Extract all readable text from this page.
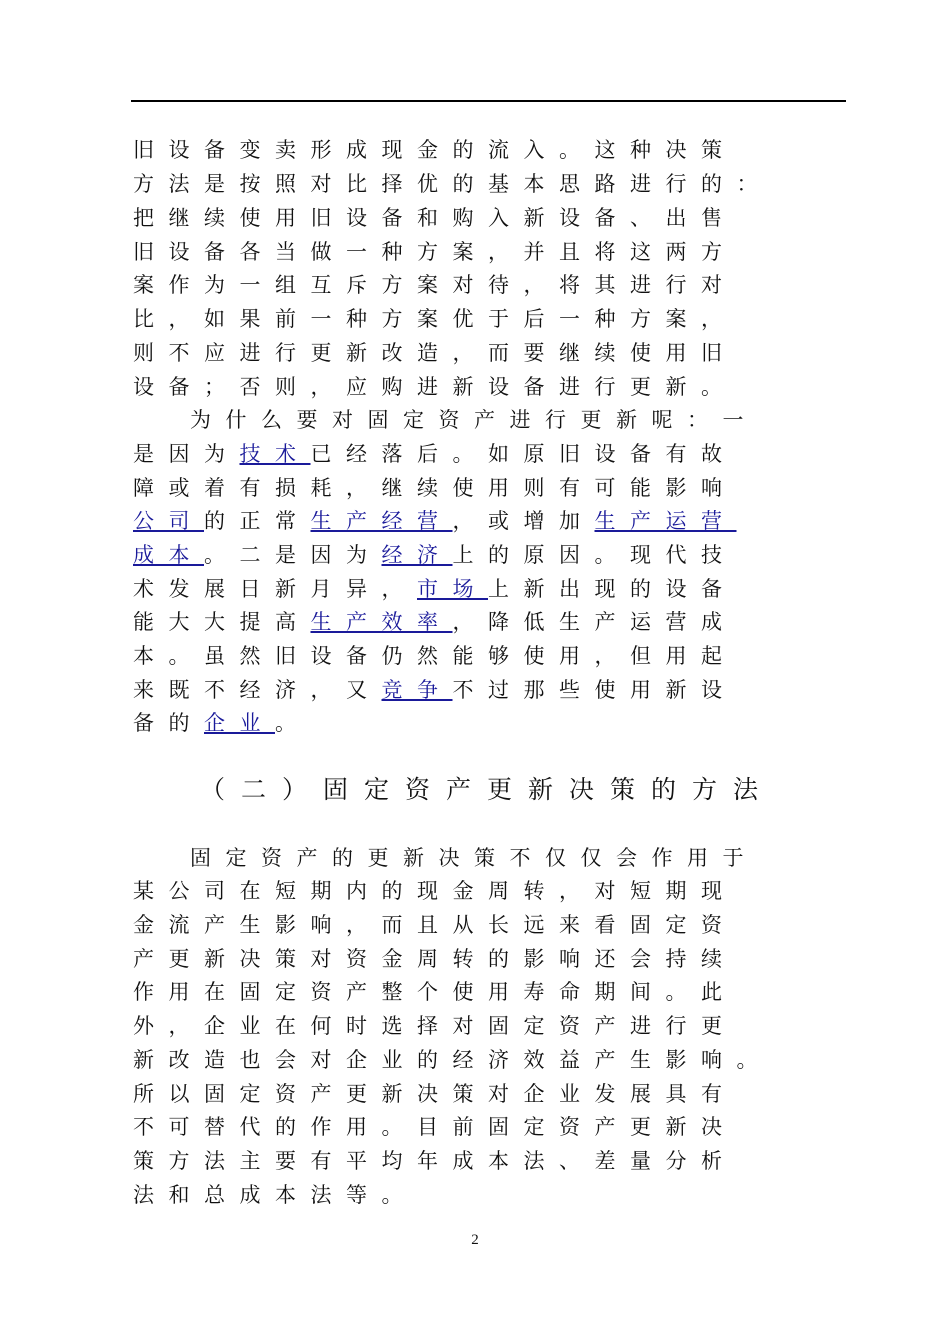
旧设备变卖形成现金的流入。这种决策
方法是按照对比择优的基本思路进行的：
把继续使用旧设备和购入新设备、出售
旧设备各当做一种方案，并且将这两方
案作为一组互斥方案对待，将其进行对
比，如果前一种方案优于后一种方案，
则不应进行更新改造，而要继续使用旧
设备；否则，应购进新设备进行更新。
为什么要对固定资产进行更新呢：一
是因为技术已经落后。如原旧设备有故
障或着有损耗，继续使用则有可能影响
公司的正常生产经营，或增加生产运营
成本。二是因为经济上的原因。现代技
术发展日新月异，市场上新出现的设备
能大大提高生产效率，降低生产运营成
本。虽然旧设备仍然能够使用，但用起
来既不经济，又竞争不过那些使用新设
备的企业。
（二）固定资产更新决策的方法
固定资产的更新决策不仅仅会作用于
某公司在短期内的现金周转，对短期现
金流产生影响，而且从长远来看固定资
产更新决策对资金周转的影响还会持续
作用在固定资产整个使用寿命期间。此
外，企业在何时选择对固定资产进行更
新改造也会对企业的经济效益产生影响。
所以固定资产更新决策对企业发展具有
不可替代的作用。目前固定资产更新决
策方法主要有平均年成本法、差量分析
法和总成本法等。
2
